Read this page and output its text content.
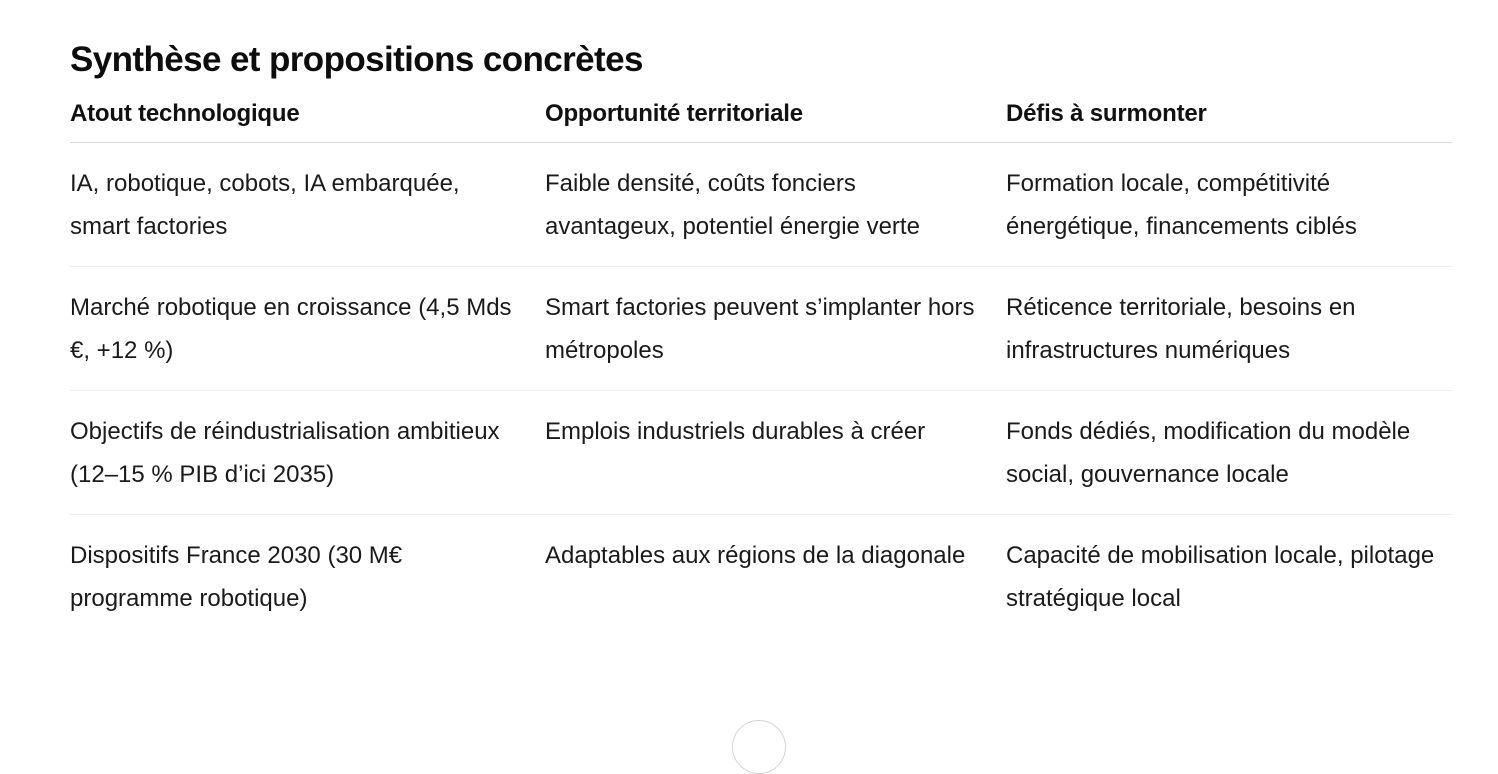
Synthèse et propositions concrètes
Atout technologique	Opportunité territoriale	Défis à surmonter
IA, robotique, cobots, IA embarquée, smart factories	Faible densité, coûts fonciers avantageux, potentiel énergie verte	Formation locale, compétitivité énergétique, financements ciblés
Marché robotique en croissance (4,5 Mds €, +12 %)	Smart factories peuvent s’implanter hors métropoles	Réticence territoriale, besoins en infrastructures numériques
Objectifs de réindustrialisation ambitieux (12–15 % PIB d’ici 2035)	Emplois industriels durables à créer	Fonds dédiés, modification du modèle social, gouvernance locale
Dispositifs France 2030 (30 M€ programme robotique)	Adaptables aux régions de la diagonale	Capacité de mobilisation locale, pilotage stratégique local
